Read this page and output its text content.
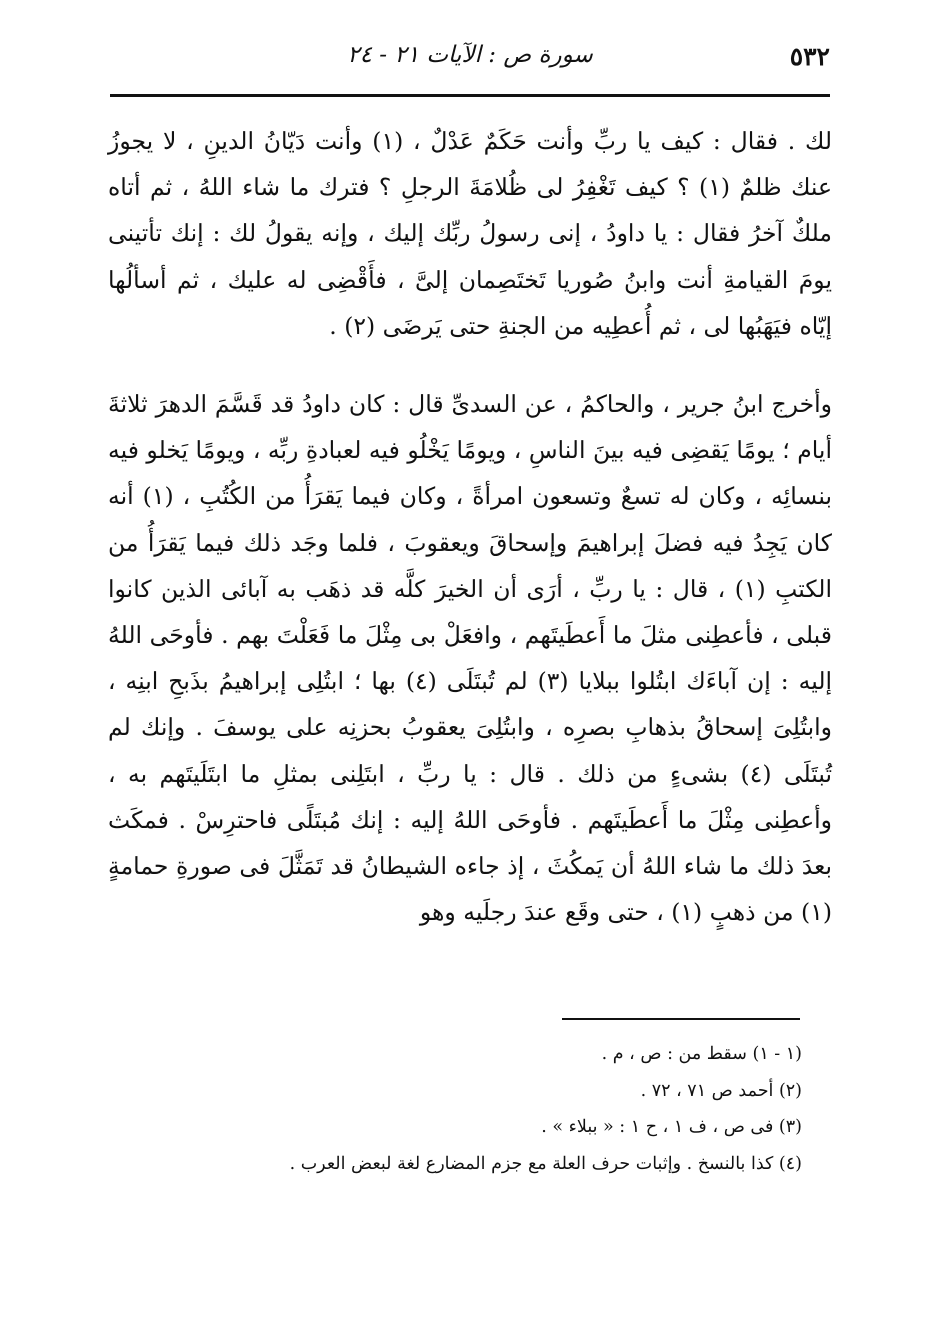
٥٣٢
سورة ص : الآيات ٢١ - ٢٤

لك . فقال : كيف يا ربِّ وأنت حَكَمٌ عَدْلٌ ، (١) وأنت دَيّانُ الدينِ ، لا يجوزُ عنك ظلمٌ (١) ؟ كيف تَغْفِرُ لى ظُلامَةَ الرجلِ ؟ فترك ما شاء اللهُ ، ثم أتاه ملكٌ آخرُ فقال : يا داودُ ، إنى رسولُ ربِّك إليك ، وإنه يقولُ لك : إنك تأتينى يومَ القيامةِ أنت وابنُ صُوريا تَختَصِمان إلىَّ ، فأَقْضِى له عليك ، ثم أسألُها إيّاه فيَهَبُها لى ، ثم أُعطِيه من الجنةِ حتى يَرضَى (٢) .

وأخرج ابنُ جرير ، والحاكمُ ، عن السدىِّ قال : كان داودُ قد قَسَّمَ الدهرَ ثلاثةَ أيام ؛ يومًا يَقضِى فيه بينَ الناسِ ، ويومًا يَخْلُو فيه لعبادةِ ربِّه ، ويومًا يَخلو فيه بنسائِه ، وكان له تسعٌ وتسعون امرأةً ، وكان فيما يَقرَأُ من الكُتُبِ ، (١) أنه كان يَجِدُ فيه فضلَ إبراهيمَ وإسحاقَ ويعقوبَ ، فلما وجَد ذلك فيما يَقرَأُ من الكتبِ (١) ، قال : يا ربِّ ، أرَى أن الخيرَ كلَّه قد ذهَب به آبائى الذين كانوا قبلى ، فأعطِنى مثلَ ما أَعطَيتَهم ، وافعَلْ بى مِثْلَ ما فَعَلْتَ بهم . فأوحَى اللهُ إليه : إن آباءَك ابتُلوا ببلايا (٣) لم تُبتَلَى (٤) بها ؛ ابتُلِى إبراهيمُ بذَبحِ ابنِه ، وابتُلِىَ إسحاقُ بذهابِ بصرِه ، وابتُلِىَ يعقوبُ بحزنِه على يوسفَ . وإنك لم تُبتَلَى (٤) بشىءٍ من ذلك . قال : يا ربِّ ، ابتَلِنى بمثلِ ما ابتَلَيتَهم به ، وأعطِنى مِثْلَ ما أَعطَيتَهم . فأوحَى اللهُ إليه : إنك مُبتَلًى فاحترِسْ . فمكَث بعدَ ذلك ما شاء اللهُ أن يَمكُثَ ، إذ جاءه الشيطانُ قد تَمَثَّلَ فى صورةِ حمامةٍ (١) من ذهبٍ (١) ، حتى وقَع عندَ رجلَيه وهو

(١ - ١) سقط من : ص ، م .
(٢) أحمد ص ٧١ ، ٧٢ .
(٣) فى ص ، ف ١ ، ح ١ : « ببلاء » .
(٤) كذا بالنسخ . وإثبات حرف العلة مع جزم المضارع لغة لبعض العرب .
